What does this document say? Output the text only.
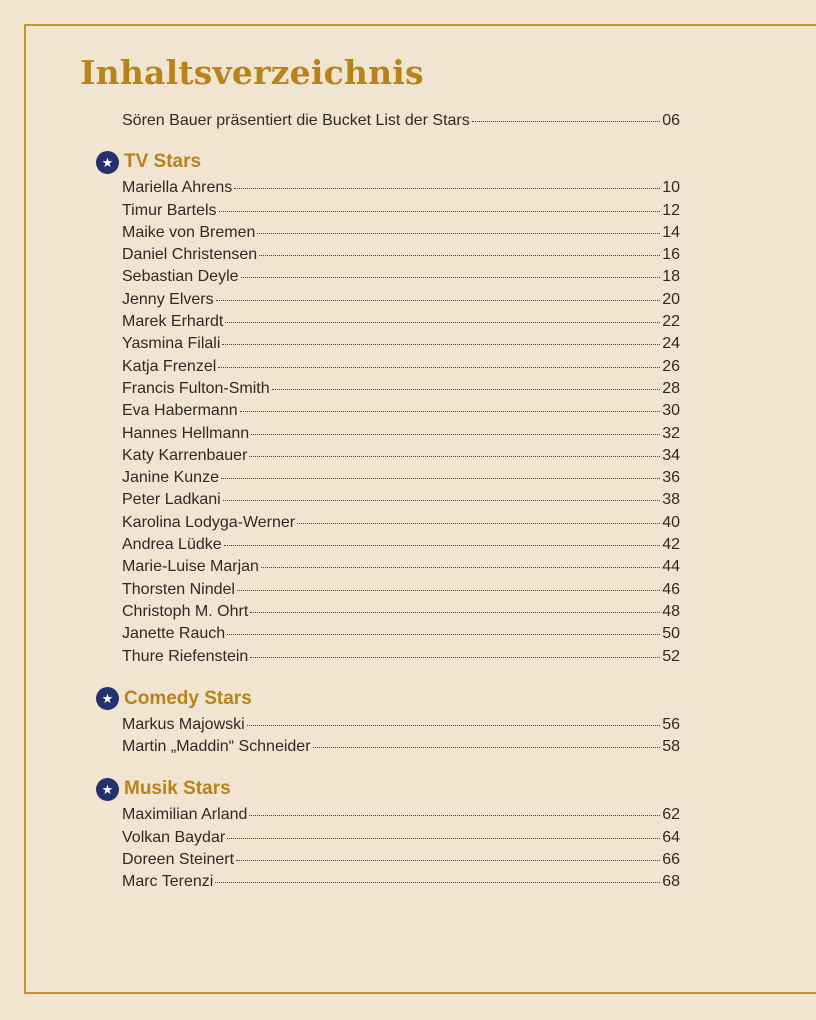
Inhaltsverzeichnis
Sören Bauer präsentiert die Bucket List der Stars	06
★ TV Stars
Mariella Ahrens	10
Timur Bartels	12
Maike von Bremen	14
Daniel Christensen	16
Sebastian Deyle	18
Jenny Elvers	20
Marek Erhardt	22
Yasmina Filali	24
Katja Frenzel	26
Francis Fulton-Smith	28
Eva Habermann	30
Hannes Hellmann	32
Katy Karrenbauer	34
Janine Kunze	36
Peter Ladkani	38
Karolina Lodyga-Werner	40
Andrea Lüdke	42
Marie-Luise Marjan	44
Thorsten Nindel	46
Christoph M. Ohrt	48
Janette Rauch	50
Thure Riefenstein	52
★ Comedy Stars
Markus Majowski	56
Martin „Maddin“ Schneider	58
★ Musik Stars
Maximilian Arland	62
Volkan Baydar	64
Doreen Steinert	66
Marc Terenzi	68
